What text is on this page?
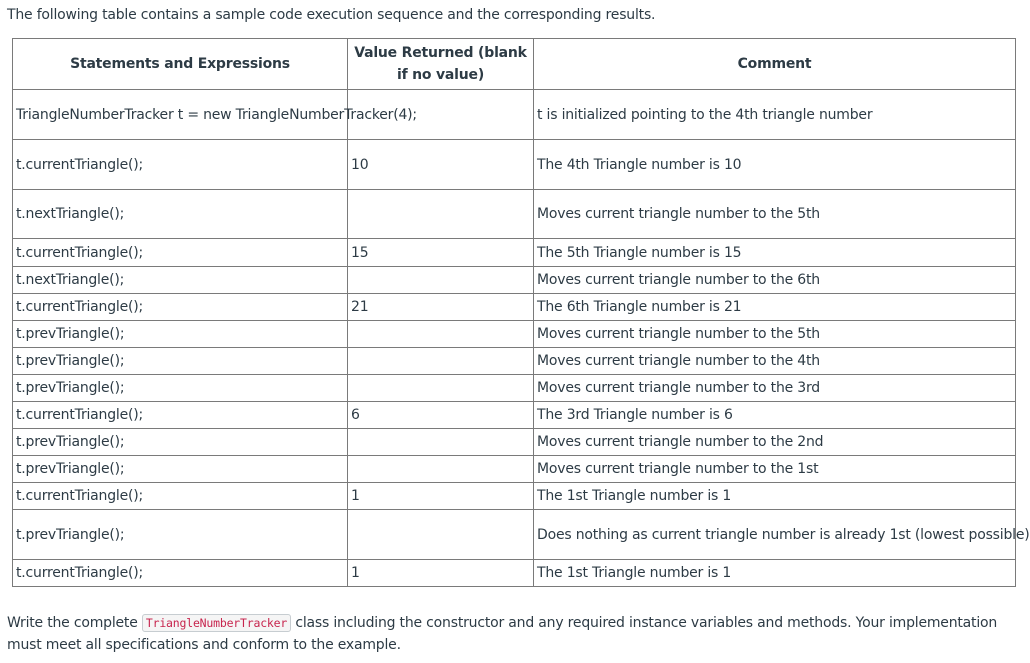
The following table contains a sample code execution sequence and the corresponding results.
Statements and Expressions	Value Returned (blank if no value)	Comment
TriangleNumberTracker t = new TriangleNumberTracker(4);		t is initialized pointing to the 4th triangle number
t.currentTriangle();	10	The 4th Triangle number is 10
t.nextTriangle();		Moves current triangle number to the 5th
t.currentTriangle();	15	The 5th Triangle number is 15
t.nextTriangle();		Moves current triangle number to the 6th
t.currentTriangle();	21	The 6th Triangle number is 21
t.prevTriangle();		Moves current triangle number to the 5th
t.prevTriangle();		Moves current triangle number to the 4th
t.prevTriangle();		Moves current triangle number to the 3rd
t.currentTriangle();	6	The 3rd Triangle number is 6
t.prevTriangle();		Moves current triangle number to the 2nd
t.prevTriangle();		Moves current triangle number to the 1st
t.currentTriangle();	1	The 1st Triangle number is 1
t.prevTriangle();		Does nothing as current triangle number is already 1st (lowest possible)
t.currentTriangle();	1	The 1st Triangle number is 1
Write the complete TriangleNumberTracker class including the constructor and any required instance variables and methods. Your implementation must meet all specifications and conform to the example.
